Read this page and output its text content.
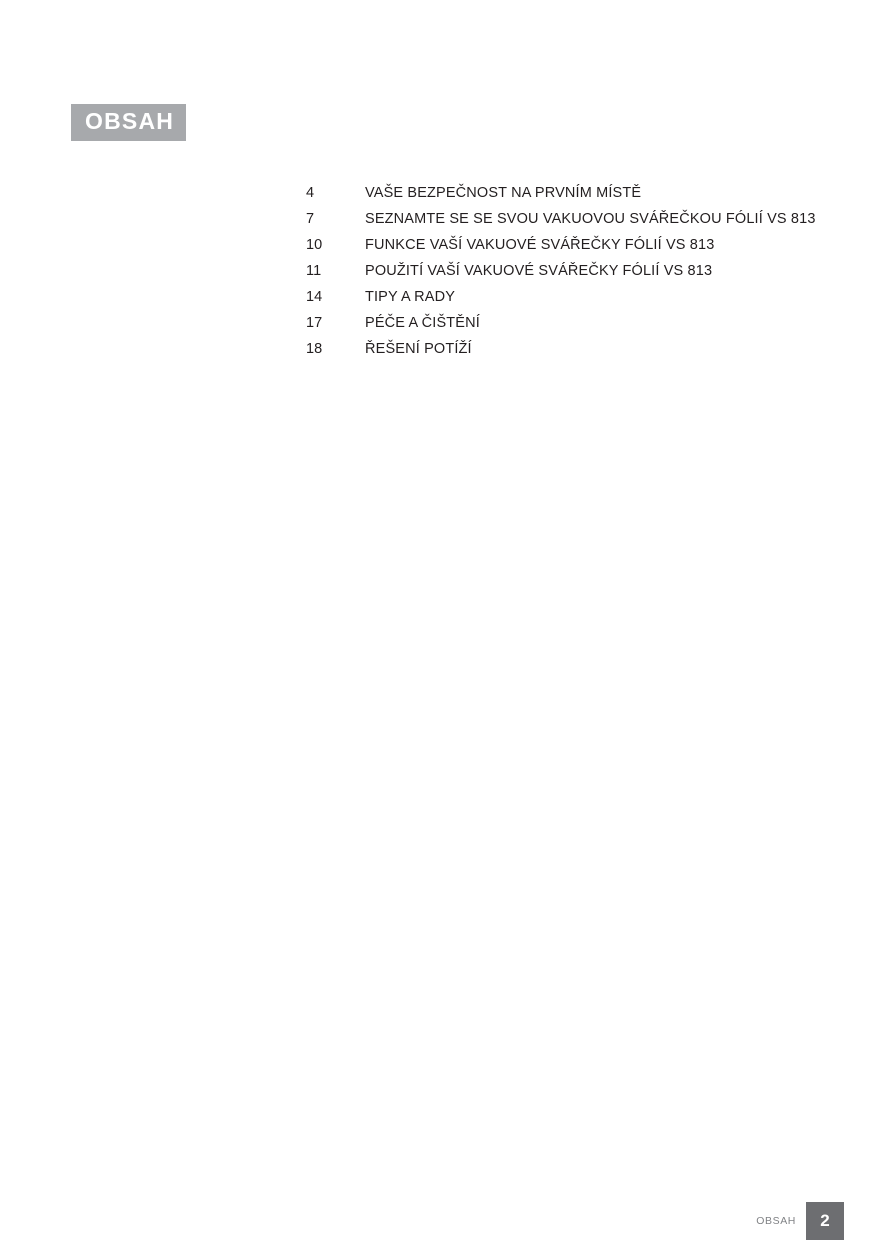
OBSAH
4	VAŠE BEZPEČNOST NA PRVNÍM MÍSTĚ
7	SEZNAMTE SE SE SVOU VAKUOVOU SVÁŘEČKOU FÓLIÍ VS 813
10	FUNKCE VAŠÍ VAKUOVÉ SVÁŘEČKY FÓLIÍ VS 813
11	POUŽITÍ VAŠÍ VAKUOVÉ SVÁŘEČKY FÓLIÍ VS 813
14	TIPY A RADY
17	PÉČE A ČIŠTĚNÍ
18	ŘEŠENÍ POTÍŽÍ
OBSAH	2
